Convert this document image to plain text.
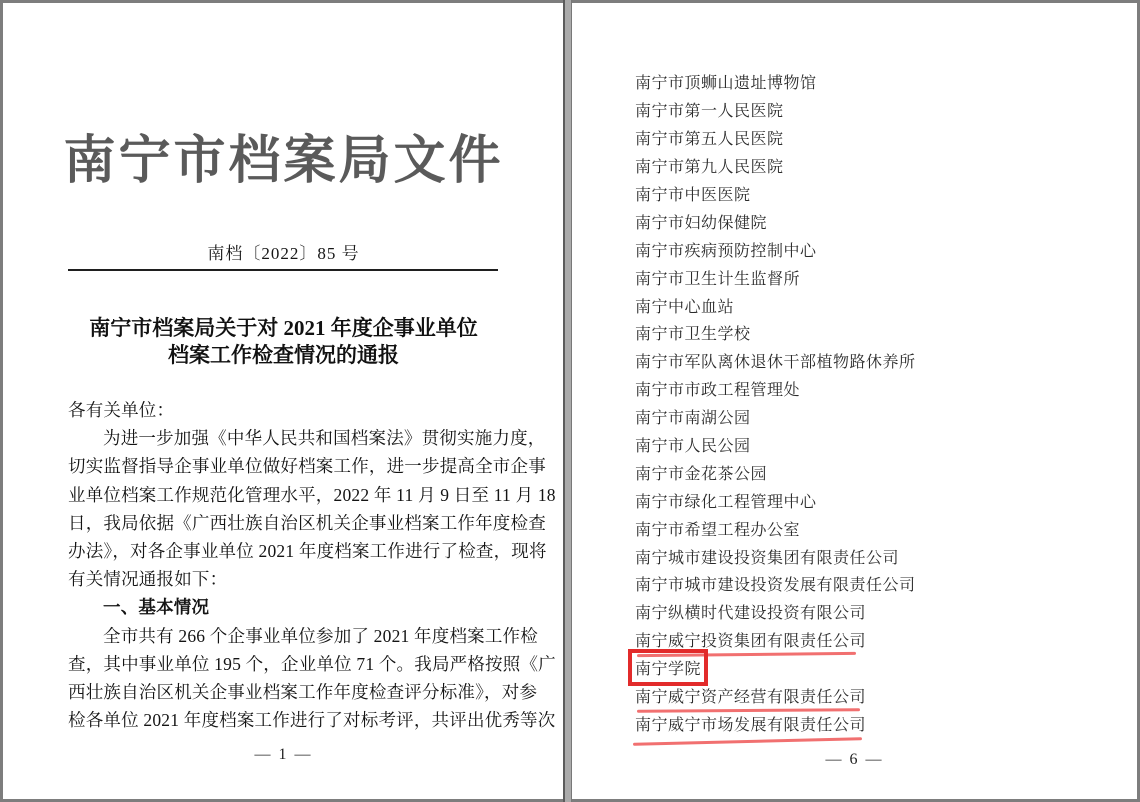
南宁市档案局文件
南档〔2022〕85 号
南宁市档案局关于对 2021 年度企事业单位
档案工作检查情况的通报
各有关单位：
为进一步加强《中华人民共和国档案法》贯彻实施力度，
切实监督指导企事业单位做好档案工作，进一步提高全市企事
业单位档案工作规范化管理水平，2022 年 11 月 9 日至 11 月 18
日，我局依据《广西壮族自治区机关企事业档案工作年度检查
办法》，对各企事业单位 2021 年度档案工作进行了检查，现将
有关情况通报如下：
一、基本情况
全市共有 266 个企事业单位参加了 2021 年度档案工作检
查，其中事业单位 195 个，企业单位 71 个。我局严格按照《广
西壮族自治区机关企事业档案工作年度检查评分标准》，对参
检各单位 2021 年度档案工作进行了对标考评，共评出优秀等次
— 1 —
南宁市顶蛳山遗址博物馆
南宁市第一人民医院
南宁市第五人民医院
南宁市第九人民医院
南宁市中医医院
南宁市妇幼保健院
南宁市疾病预防控制中心
南宁市卫生计生监督所
南宁中心血站
南宁市卫生学校
南宁市军队离休退休干部植物路休养所
南宁市市政工程管理处
南宁市南湖公园
南宁市人民公园
南宁市金花茶公园
南宁市绿化工程管理中心
南宁市希望工程办公室
南宁城市建设投资集团有限责任公司
南宁市城市建设投资发展有限责任公司
南宁纵横时代建设投资有限公司
南宁威宁投资集团有限责任公司
南宁学院
南宁威宁资产经营有限责任公司
南宁威宁市场发展有限责任公司
— 6 —
